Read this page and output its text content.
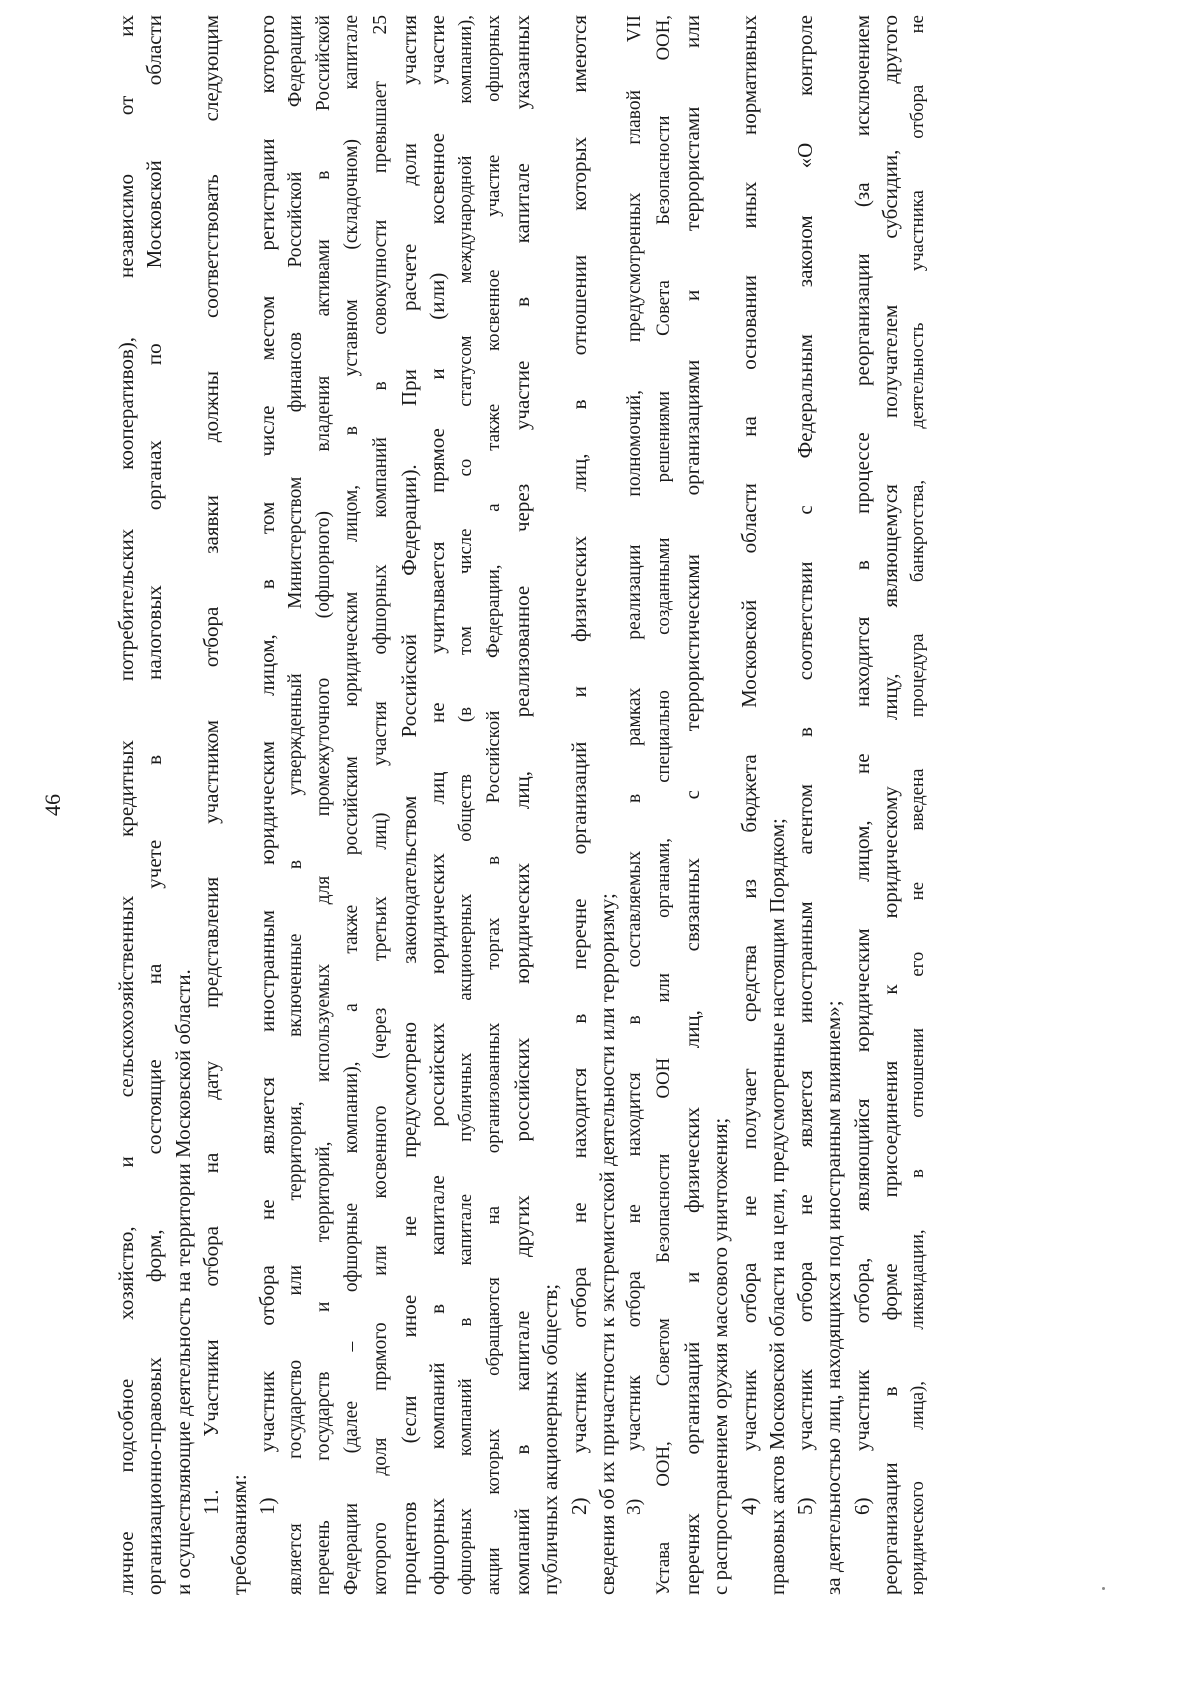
46 личное подсобное хозяйство, и сельскохозяйственных кредитных потребительских кооперативов), независимо от их организационно-правовых форм, состоящие на учете в налоговых органах по Московской области и осуществляющие деятельность на территории Московской области. 11. Участники отбора на дату представления участником отбора заявки должны соответствовать следующим
требованиям:
1) участник отбора не является иностранным юридическим лицом, в том числе местом регистрации которого является государство или территория, включенные в утвержденный Министерством финансов Российской Федерации перечень государств и территорий, используемых для промежуточного (офшорного) владения активами в Российской Федерации (далее – офшорные компании), а также российским юридическим лицом, в уставном (складочном) капитале которого доля прямого или косвенного (через третьих лиц) участия офшорных компаний в совокупности превышает 25 процентов (если иное не предусмотрено законодательством Российской Федерации). При расчете доли участия офшорных компаний в капитале российских юридических лиц не учитывается прямое и (или) косвенное участие офшорных компаний в капитале публичных акционерных обществ (в том числе со статусом международной компании), акции которых обращаются на организованных торгах в Российской Федерации, а также косвенное участие офшорных компаний в капитале других российских юридических лиц, реализованное через участие в капитале указанных публичных акционерных обществ; 2) участник отбора не находится в перечне организаций и физических лиц, в отношении которых имеются сведения об их причастности к экстремистской деятельности или терроризму; 3) участник отбора не находится в составляемых в рамках реализации полномочий, предусмотренных главой VII Устава ООН, Советом Безопасности ООН или органами, специально созданными решениями Совета Безопасности ООН, перечнях организаций и физических лиц, связанных с террористическими организациями и террористами или с распространением оружия массового уничтожения; 4) участник отбора не получает средства из бюджета Московской области на основании иных нормативных правовых актов Московской области на цели, предусмотренные настоящим Порядком; 5) участник отбора не является иностранным агентом в соответствии с Федеральным законом «О контроле за деятельностью лиц, находящихся под иностранным влиянием»; 6) участник отбора, являющийся юридическим лицом, не находится в процессе реорганизации (за исключением реорганизации в форме присоединения к юридическому лицу, являющемуся получателем субсидии, другого юридического лица), ликвидации, в отношении его не введена процедура банкротства, деятельность участника отбора не
